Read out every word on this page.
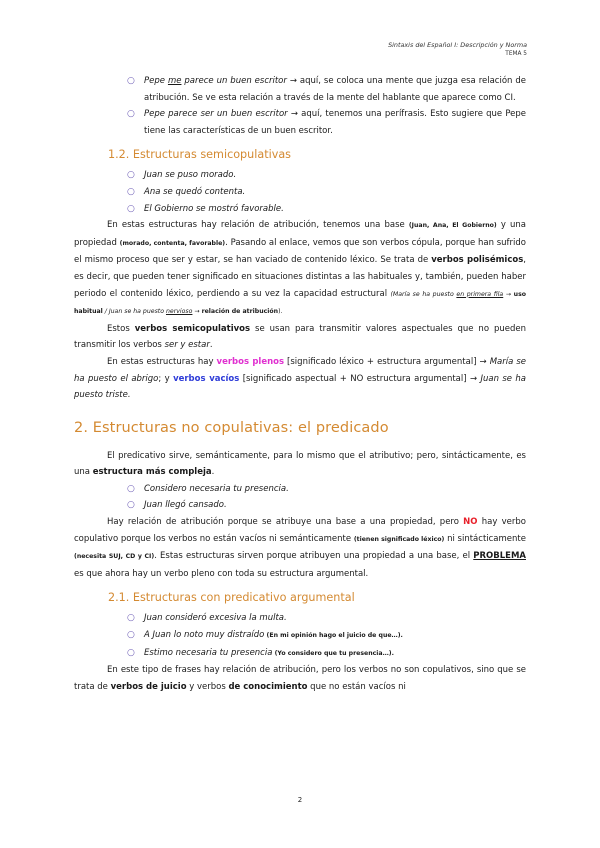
Sintaxis del Español I: Descripción y Norma
TEMA 5

○ Pepe me parece un buen escritor → aquí, se coloca una mente que juzga esa relación de atribución. Se ve esta relación a través de la mente del hablante que aparece como CI.

○ Pepe parece ser un buen escritor → aquí, tenemos una perífrasis. Esto sugiere que Pepe tiene las características de un buen escritor.

1.2. Estructuras semicopulativas

○ Juan se puso morado.

○ Ana se quedó contenta.

○ El Gobierno se mostró favorable.

En estas estructuras hay relación de atribución, tenemos una base (Juan, Ana, El Gobierno) y una propiedad (morado, contenta, favorable). Pasando al enlace, vemos que son verbos cópula, porque han sufrido el mismo proceso que ser y estar, se han vaciado de contenido léxico. Se trata de verbos polisémicos, es decir, que pueden tener significado en situaciones distintas a las habituales y, también, pueden haber periodo el contenido léxico, perdiendo a su vez la capacidad estructural (María se ha puesto en primera fila → uso habitual / Juan se ha puesto nervioso → relación de atribución).

Estos verbos semicopulativos se usan para transmitir valores aspectuales que no pueden transmitir los verbos ser y estar.

En estas estructuras hay verbos plenos [significado léxico + estructura argumental] → María se ha puesto el abrigo; y verbos vacíos [significado aspectual + NO estructura argumental] → Juan se ha puesto triste.

2. Estructuras no copulativas: el predicado

El predicativo sirve, semánticamente, para lo mismo que el atributivo; pero, sintácticamente, es una estructura más compleja.

○ Considero necesaria tu presencia.

○ Juan llegó cansado.

Hay relación de atribución porque se atribuye una base a una propiedad, pero NO hay verbo copulativo porque los verbos no están vacíos ni semánticamente (tienen significado léxico) ni sintácticamente (necesita SUJ, CD y CI). Estas estructuras sirven porque atribuyen una propiedad a una base, el PROBLEMA es que ahora hay un verbo pleno con toda su estructura argumental.

2.1. Estructuras con predicativo argumental

○ Juan consideró excesiva la multa.

○ A Juan lo noto muy distraído (En mi opinión hago el juicio de que…).

○ Estimo necesaria tu presencia (Yo considero que tu presencia…).

En este tipo de frases hay relación de atribución, pero los verbos no son copulativos, sino que se trata de verbos de juicio y verbos de conocimiento que no están vacíos ni

2
